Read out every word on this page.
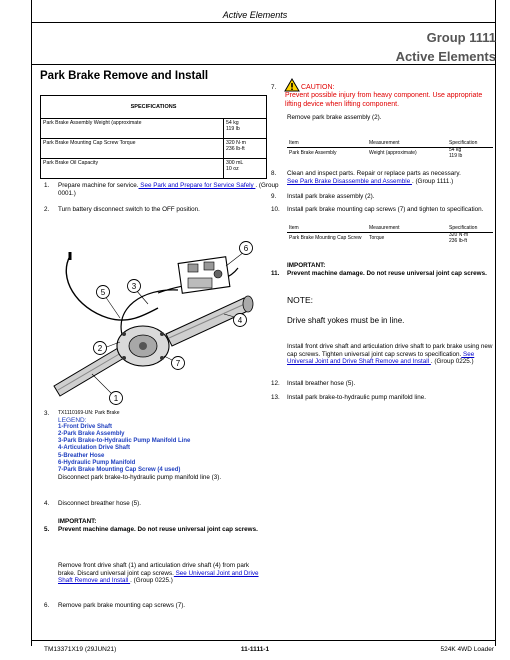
Active Elements
Group 1111
Active Elements
Park Brake Remove and Install
SPECIFICATIONS	
Park Brake Assembly Weight (approximate	54 kg
119 lb

Park Brake Mounting Cap Screw Torque	320 N·m
236 lb-ft

Park Brake Oil Capacity	300 mL
10 oz
1. Prepare machine for service. See Park and Prepare for Service Safely . (Group 0001.)
2. Turn battery disconnect switch to the OFF position.
1
2
3
4
5
6
7
3. TX1110169-UN: Park Brake
LEGEND:
1-Front Drive Shaft
2-Park Brake Assembly
3-Park Brake-to-Hydraulic Pump Manifold Line
4-Articulation Drive Shaft
5-Breather Hose
6-Hydraulic Pump Manifold
7-Park Brake Mounting Cap Screw (4 used)
Disconnect park brake-to-hydraulic pump manifold line (3).
4. Disconnect breather hose (5).
IMPORTANT:
5. Prevent machine damage. Do not reuse universal joint cap screws.
Remove front drive shaft (1) and articulation drive shaft (4) from park brake. Discard universal joint cap screws. See Universal Joint and Drive Shaft Remove and Install . (Group 0225.)
6. Remove park brake mounting cap screws (7).
7.	CAUTION:
Prevent possible injury from heavy component. Use appropriate lifting device when lifting component.
Remove park brake assembly (2).
Item	Measurement	Specification
Park Brake Assembly	Weight (approximate)	54 kg
119 lb
8. Clean and inspect parts. Repair or replace parts as necessary.
See Park Brake Disassemble and Assemble . (Group 1111.)
9. Install park brake assembly (2).
10. Install park brake mounting cap screws (7) and tighten to specification.
Item	Measurement	Specification
Park Brake Mounting Cap Screw	Torque	320 N·m
236 lb-ft
IMPORTANT:
11. Prevent machine damage. Do not reuse universal joint cap screws.
NOTE:
Drive shaft yokes must be in line.
Install front drive shaft and articulation drive shaft to park brake using new cap screws. Tighten universal joint cap screws to specification. See Universal Joint and Drive Shaft Remove and Install . (Group 0225.)
12. Install breather hose (5).
13. Install park brake-to-hydraulic pump manifold line.
TM13371X19 (29JUN21)	11-1111-1	524K 4WD Loader
